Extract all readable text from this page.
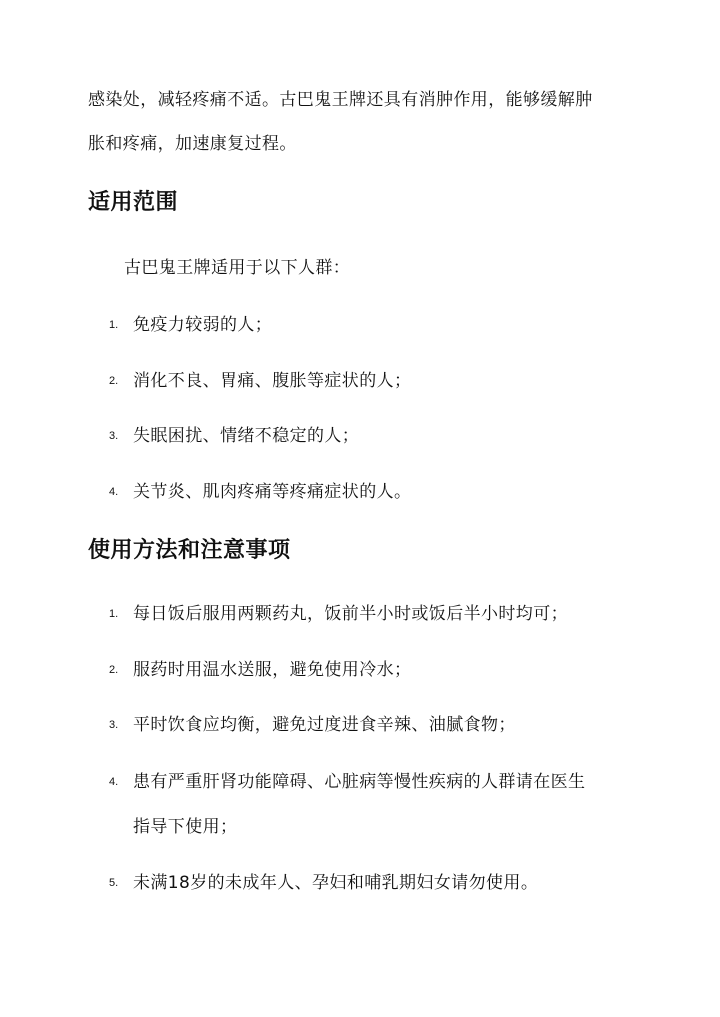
感染处，减轻疼痛不适。古巴鬼王牌还具有消肿作用，能够缓解肿
胀和疼痛，加速康复过程。
适用范围
古巴鬼王牌适用于以下人群：
1. 免疫力较弱的人；
2. 消化不良、胃痛、腹胀等症状的人；
3. 失眠困扰、情绪不稳定的人；
4. 关节炎、肌肉疼痛等疼痛症状的人。
使用方法和注意事项
1. 每日饭后服用两颗药丸，饭前半小时或饭后半小时均可；
2. 服药时用温水送服，避免使用冷水；
3. 平时饮食应均衡，避免过度进食辛辣、油腻食物；
4. 患有严重肝肾功能障碍、心脏病等慢性疾病的人群请在医生
指导下使用；
5. 未满18岁的未成年人、孕妇和哺乳期妇女请勿使用。
